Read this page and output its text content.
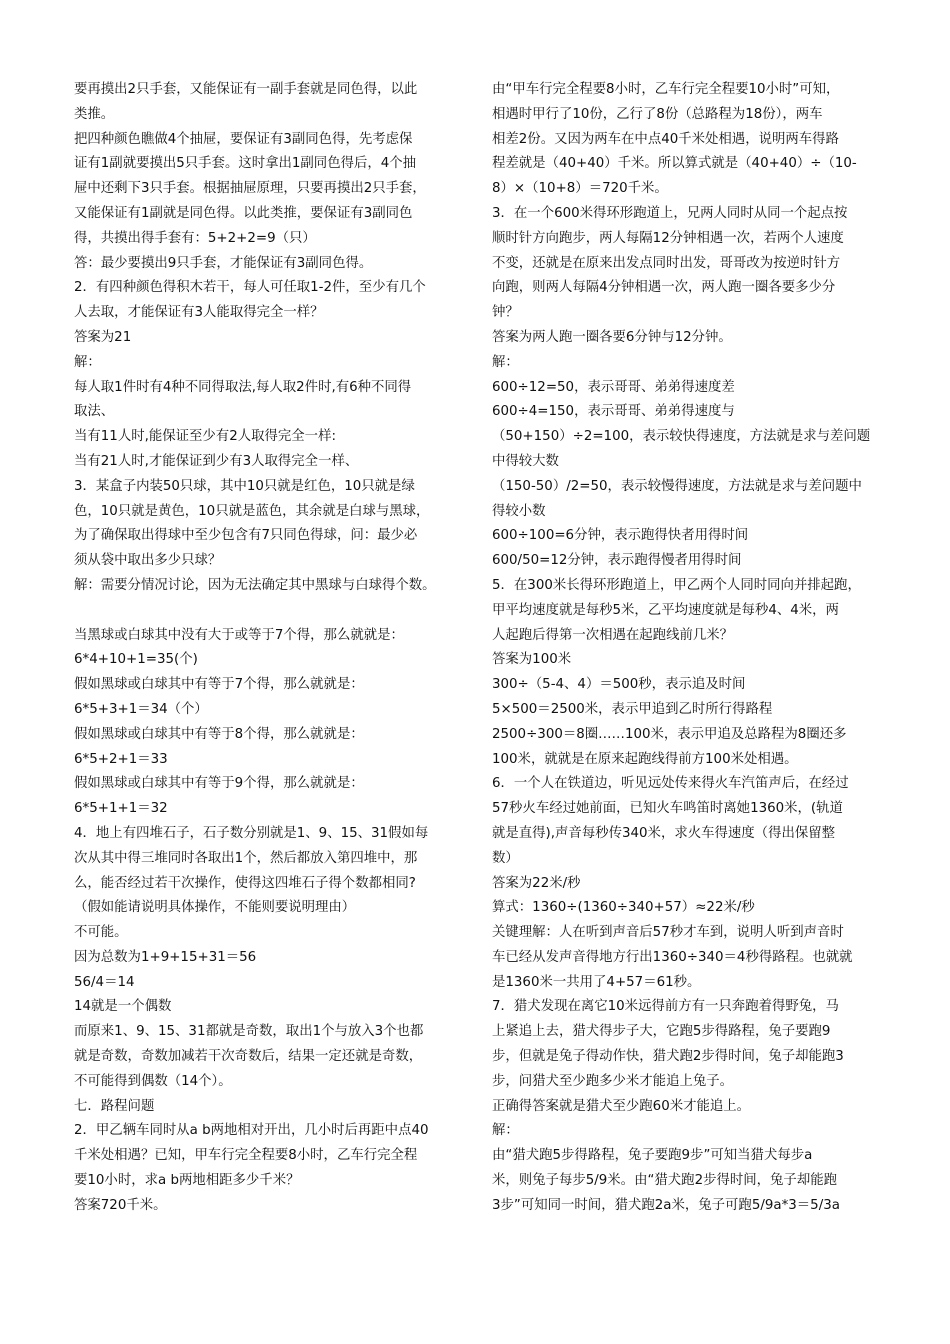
要再摸出2只手套，又能保证有一副手套就是同色得，以此
类推。
把四种颜色瞧做4个抽屉，要保证有3副同色得，先考虑保
证有1副就要摸出5只手套。这时拿出1副同色得后，4个抽
屉中还剩下3只手套。根据抽屉原理，只要再摸出2只手套，
又能保证有1副就是同色得。以此类推，要保证有3副同色
得，共摸出得手套有：5+2+2=9（只）
答：最少要摸出9只手套，才能保证有3副同色得。
2．有四种颜色得积木若干，每人可任取1-2件，至少有几个
人去取，才能保证有3人能取得完全一样？
答案为21
解：
每人取1件时有4种不同得取法,每人取2件时,有6种不同得
取法、
当有11人时,能保证至少有2人取得完全一样:
当有21人时,才能保证到少有3人取得完全一样、
3．某盒子内装50只球，其中10只就是红色，10只就是绿
色，10只就是黄色，10只就是蓝色，其余就是白球与黑球，
为了确保取出得球中至少包含有7只同色得球，问：最少必
须从袋中取出多少只球？
解：需要分情况讨论，因为无法确定其中黑球与白球得个数。
当黑球或白球其中没有大于或等于7个得，那么就就是：
6*4+10+1=35(个)
假如黑球或白球其中有等于7个得，那么就就是：
6*5+3+1＝34（个）
假如黑球或白球其中有等于8个得，那么就就是：
6*5+2+1＝33
假如黑球或白球其中有等于9个得，那么就就是：
6*5+1+1＝32
4．地上有四堆石子，石子数分别就是1、9、15、31假如每
次从其中得三堆同时各取出1个，然后都放入第四堆中，那
么，能否经过若干次操作，使得这四堆石子得个数都相同?
（假如能请说明具体操作，不能则要说明理由）
不可能。
因为总数为1+9+15+31＝56
56/4＝14
14就是一个偶数
而原来1、9、15、31都就是奇数，取出1个与放入3个也都
就是奇数，奇数加减若干次奇数后，结果一定还就是奇数，
不可能得到偶数（14个）。
七．路程问题
2．甲乙辆车同时从a b两地相对开出，几小时后再距中点40
千米处相遇？已知，甲车行完全程要8小时，乙车行完全程
要10小时，求a b两地相距多少千米？
答案720千米。
由“甲车行完全程要8小时，乙车行完全程要10小时”可知，
相遇时甲行了10份，乙行了8份（总路程为18份），两车
相差2份。又因为两车在中点40千米处相遇，说明两车得路
程差就是（40+40）千米。所以算式就是（40+40）÷（10-
8）×（10+8）＝720千米。
3．在一个600米得环形跑道上，兄两人同时从同一个起点按
顺时针方向跑步，两人每隔12分钟相遇一次，若两个人速度
不变，还就是在原来出发点同时出发，哥哥改为按逆时针方
向跑，则两人每隔4分钟相遇一次，两人跑一圈各要多少分
钟？
答案为两人跑一圈各要6分钟与12分钟。
解：
600÷12=50，表示哥哥、弟弟得速度差
600÷4=150，表示哥哥、弟弟得速度与
（50+150）÷2=100，表示较快得速度，方法就是求与差问题
中得较大数
（150-50）/2=50，表示较慢得速度，方法就是求与差问题中
得较小数
600÷100=6分钟，表示跑得快者用得时间
600/50=12分钟，表示跑得慢者用得时间
5．在300米长得环形跑道上，甲乙两个人同时同向并排起跑，
甲平均速度就是每秒5米，乙平均速度就是每秒4、4米，两
人起跑后得第一次相遇在起跑线前几米？
答案为100米
300÷（5-4、4）＝500秒，表示追及时间
5×500＝2500米，表示甲追到乙时所行得路程
2500÷300＝8圈……100米，表示甲追及总路程为8圈还多
100米，就就是在原来起跑线得前方100米处相遇。
6．一个人在铁道边，听见远处传来得火车汽笛声后，在经过
57秒火车经过她前面，已知火车鸣笛时离她1360米，(轨道
就是直得),声音每秒传340米，求火车得速度（得出保留整
数）
答案为22米/秒
算式：1360÷(1360÷340+57）≈22米/秒
关键理解：人在听到声音后57秒才车到，说明人听到声音时
车已经从发声音得地方行出1360÷340＝4秒得路程。也就就
是1360米一共用了4+57＝61秒。
7．猎犬发现在离它10米远得前方有一只奔跑着得野兔，马
上紧追上去，猎犬得步子大，它跑5步得路程，兔子要跑9
步，但就是兔子得动作快，猎犬跑2步得时间，兔子却能跑3
步，问猎犬至少跑多少米才能追上兔子。
正确得答案就是猎犬至少跑60米才能追上。
解：
由“猎犬跑5步得路程，兔子要跑9步”可知当猎犬每步a
米，则兔子每步5/9米。由“猎犬跑2步得时间，兔子却能跑
3步”可知同一时间，猎犬跑2a米，兔子可跑5/9a*3＝5/3a
